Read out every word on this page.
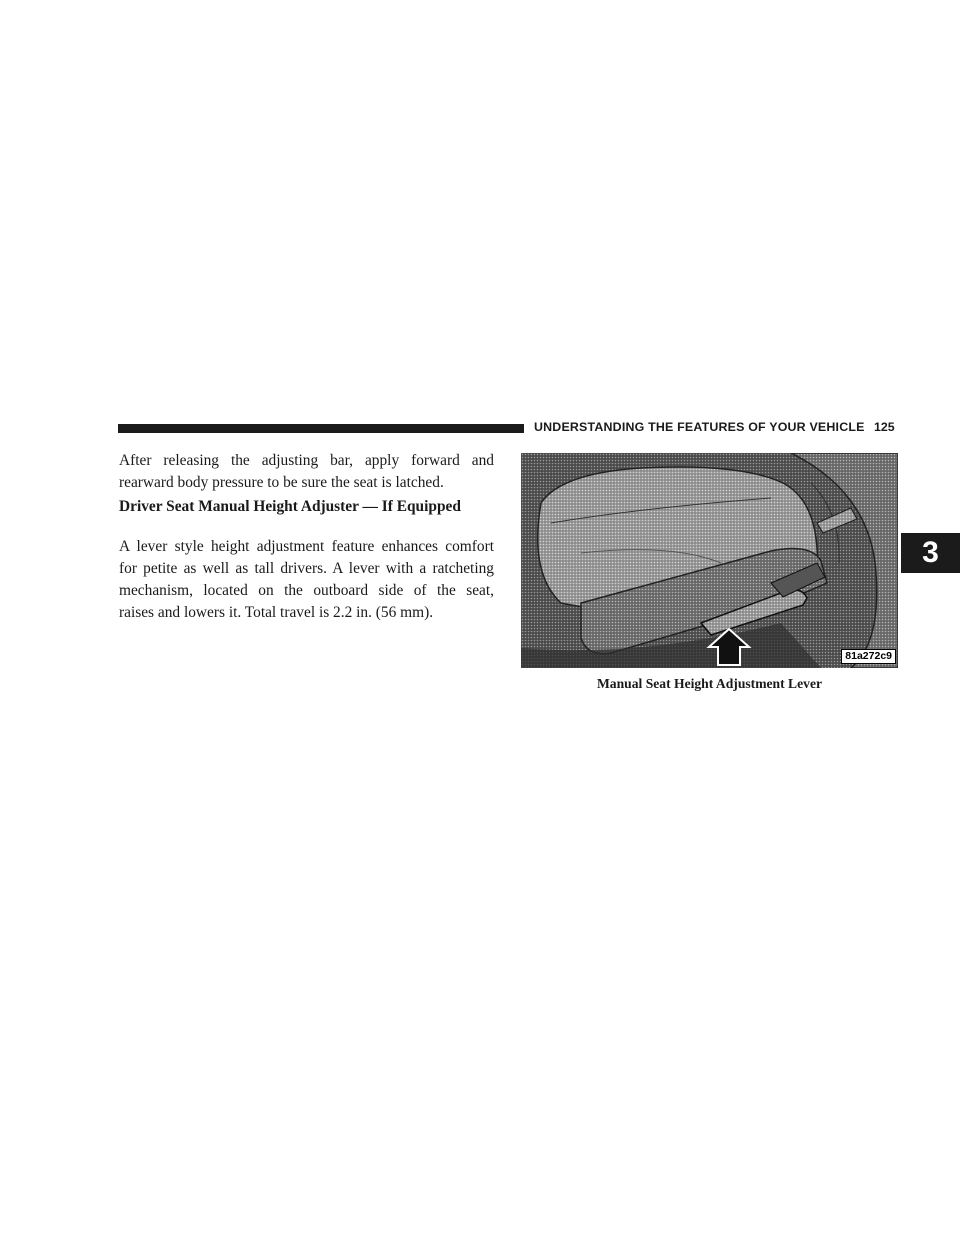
UNDERSTANDING THE FEATURES OF YOUR VEHICLE 125
3
After releasing the adjusting bar, apply forward and
rearward body pressure to be sure the seat is latched.
Driver Seat Manual Height Adjuster — If Equipped
A lever style height adjustment feature enhances comfort
for petite as well as tall drivers. A lever with a ratcheting
mechanism, located on the outboard side of the seat,
raises and lowers it. Total travel is 2.2 in. (56 mm).
81a272c9
Manual Seat Height Adjustment Lever
